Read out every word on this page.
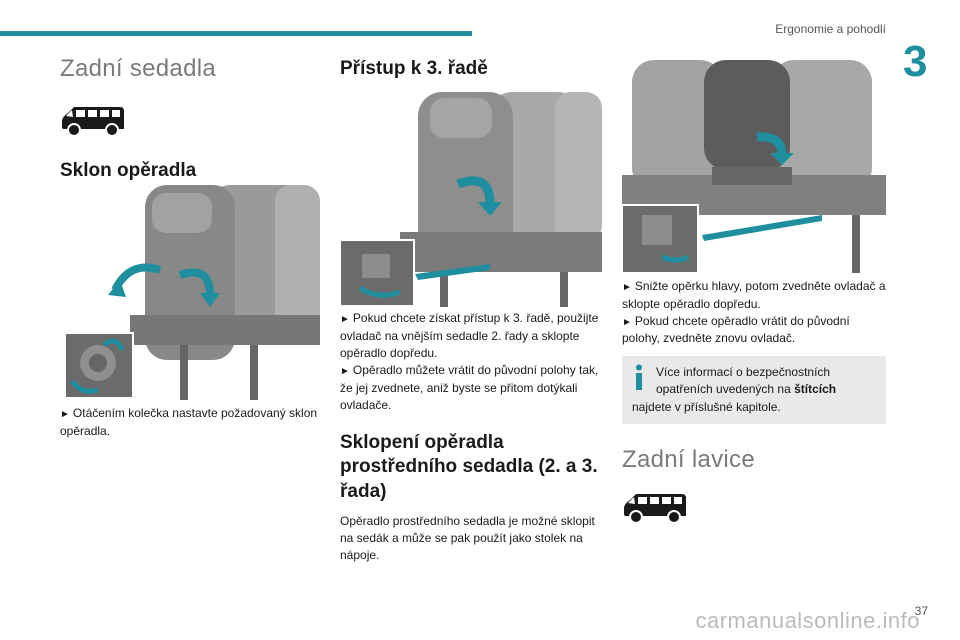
Ergonomie a pohodlí
3
Zadní sedadla
Sklon opěradla
► Otáčením kolečka nastavte požadovaný sklon opěradla.
Přístup k 3. řadě
► Pokud chcete získat přístup k 3. řadě, použijte ovladač na vnějším sedadle 2. řady a sklopte opěradlo dopředu.
► Opěradlo můžete vrátit do původní polohy tak, že jej zvednete, aniž byste se přitom dotýkali ovladače.
Sklopení opěradla prostředního sedadla (2. a 3. řada)
Opěradlo prostředního sedadla je možné sklopit na sedák a může se pak použít jako stolek na nápoje.
► Snižte opěrku hlavy, potom zvedněte ovladač a sklopte opěradlo dopředu.
► Pokud chcete opěradlo vrátit do původní polohy, zvedněte znovu ovladač.
Více informací o bezpečnostních
opatřeních uvedených na štítcích
najdete v příslušné kapitole.
Zadní lavice
carmanualsonline.info
37
